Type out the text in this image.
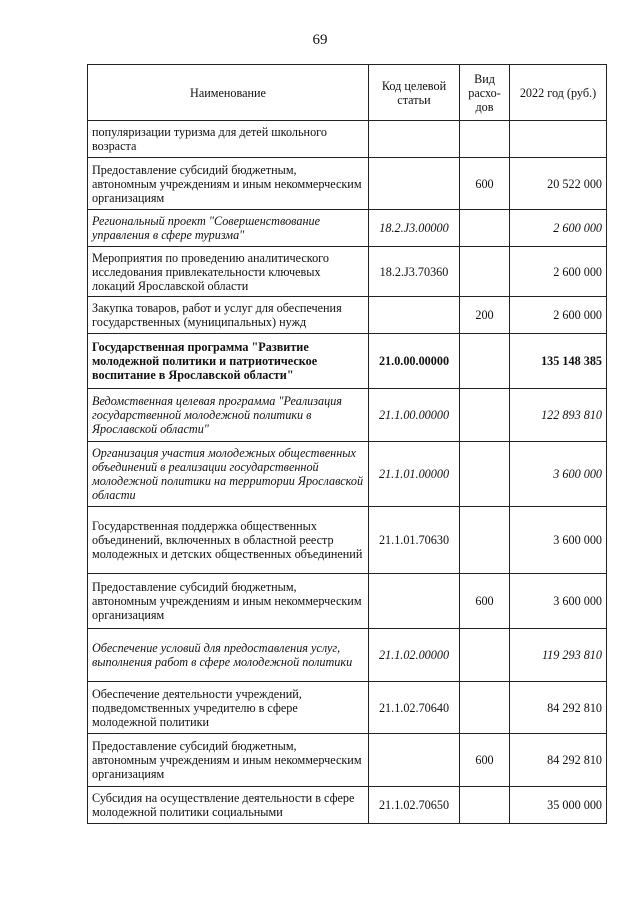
69
Наименование	Код целевой статьи	Вид расхо-дов	2022 год (руб.)
популяризации туризма для детей школьного возраста			
Предоставление субсидий бюджетным, автономным учреждениям и иным некоммерческим организациям		600	20 522 000
Региональный проект "Совершенствование управления в сфере туризма"	18.2.J3.00000		2 600 000
Мероприятия по проведению аналитического исследования привлекательности ключевых локаций Ярославской области	18.2.J3.70360		2 600 000
Закупка товаров, работ и услуг для обеспечения государственных (муниципальных) нужд		200	2 600 000
Государственная программа "Развитие молодежной политики и патриотическое воспитание в Ярославской области"	21.0.00.00000		135 148 385
Ведомственная целевая программа "Реализация государственной молодежной политики в Ярославской области"	21.1.00.00000		122 893 810
Организация участия молодежных общественных объединений в реализации государственной молодежной политики на территории Ярославской области	21.1.01.00000		3 600 000
Государственная поддержка общественных объединений, включенных в областной реестр молодежных и детских общественных объединений	21.1.01.70630		3 600 000
Предоставление субсидий бюджетным, автономным учреждениям и иным некоммерческим организациям		600	3 600 000
Обеспечение условий для предоставления услуг, выполнения работ в сфере молодежной политики	21.1.02.00000		119 293 810
Обеспечение деятельности учреждений, подведомственных учредителю в сфере молодежной политики	21.1.02.70640		84 292 810
Предоставление субсидий бюджетным, автономным учреждениям и иным некоммерческим организациям		600	84 292 810
Субсидия на осуществление деятельности в сфере молодежной политики социальными	21.1.02.70650		35 000 000
